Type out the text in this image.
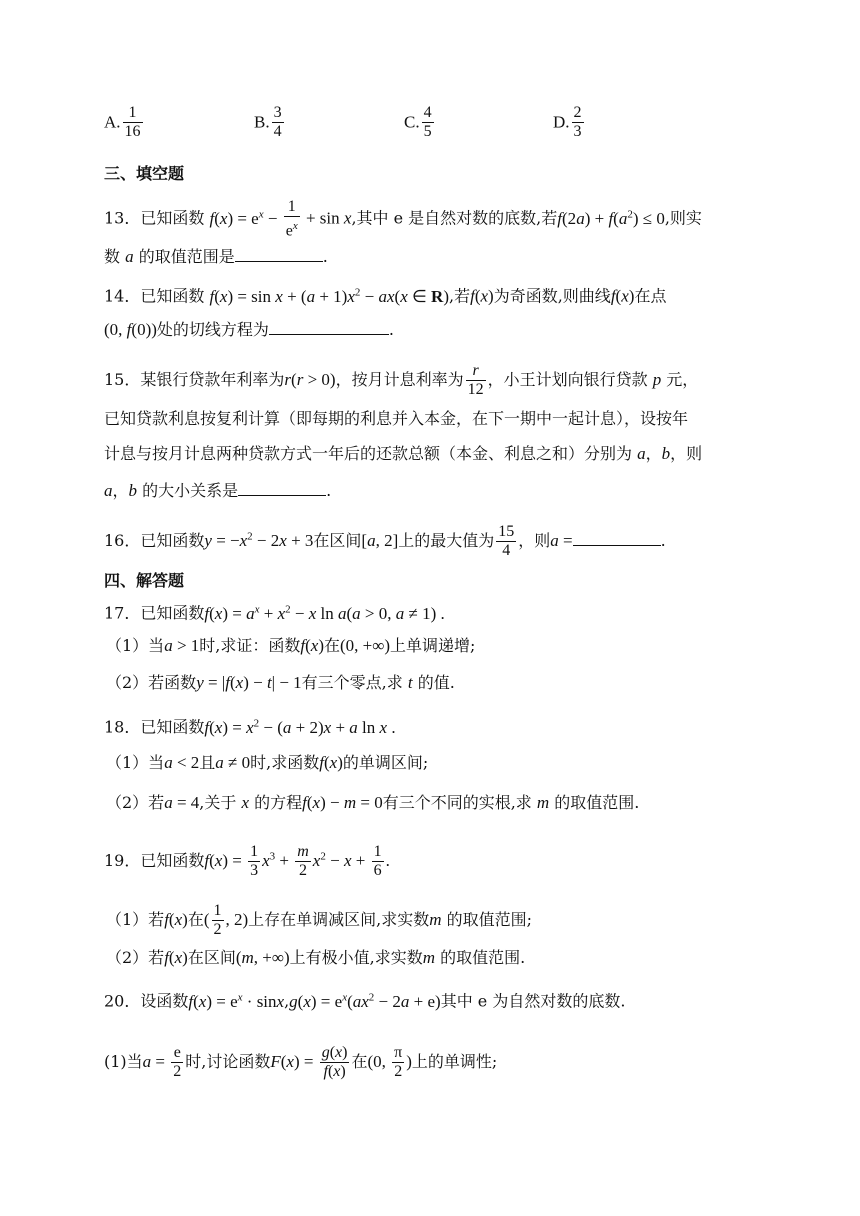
A. $\frac{1}{16}$	B. $\frac{3}{4}$	C. $\frac{4}{5}$	D. $\frac{2}{3}$
三、填空题
13．已知函数 $f(x) = e^x - \frac{1}{e^x} + \sin x$,其中 e 是自然对数的底数,若$f(2a) + f(a^2) \le 0$,则实
数 a 的取值范围是	.
14．已知函数 $f(x) = \sin x + (a + 1)x^2 - ax(x$ ∈ R),若f(x)为奇函数,则曲线f(x)在点
(0, f(0))处的切线方程为	.
15．某银行贷款年利率为r(r > 0)，按月计息利率为 $\frac{r}{12}$ ，小王计划向银行贷款 p 元，
已知贷款利息按复利计算（即每期的利息并入本金，在下一期中一起计息），设按年
计息与按月计息两种贷款方式一年后的还款总额（本金、利息之和）分别为 a，b，则
a，b 的大小关系是	.
16．已知函数$y = -x^2 - 2x + 3$在区间[a, 2]上的最大值为 $\frac{15}{4}$ ，则a =	.
四、解答题
17．已知函数$f(x) = a^x + x^2 - x$ ln a(a > 0, a ≠ 1) .
（1）当a > 1时,求证：函数f(x)在(0, +∞)上单调递增;
（2）若函数y = |f(x) − t| − 1有三个零点,求 t 的值.
18．已知函数$f(x) = x^2 - (a + 2)x + a$ ln x .
（1）当a < 2且a ≠ 0时,求函数f(x)的单调区间;
（2）若a = 4,关于 x 的方程f(x) − m = 0有三个不同的实根,求 m 的取值范围.
19．已知函数$f(x) = \frac{1}{3} x^3 + \frac{m}{2} x^2 - x + \frac{1}{6}$ .
（1）若f(x)在( $\frac{1}{2}$ , 2)上存在单调减区间,求实数m 的取值范围;
（2）若f(x)在区间(m, +∞)上有极小值,求实数m 的取值范围.
20．设函数$f(x) = e^x \cdot \sin x,g(x) = e^x(ax^2 - 2a + e)$其中 e 为自然对数的底数.
(1)当$a = \frac{e}{2}$ 时,讨论函数$F(x) = \frac{g(x)}{f(x)}$ 在(0, $\frac{\pi}{2}$ )上的单调性;
